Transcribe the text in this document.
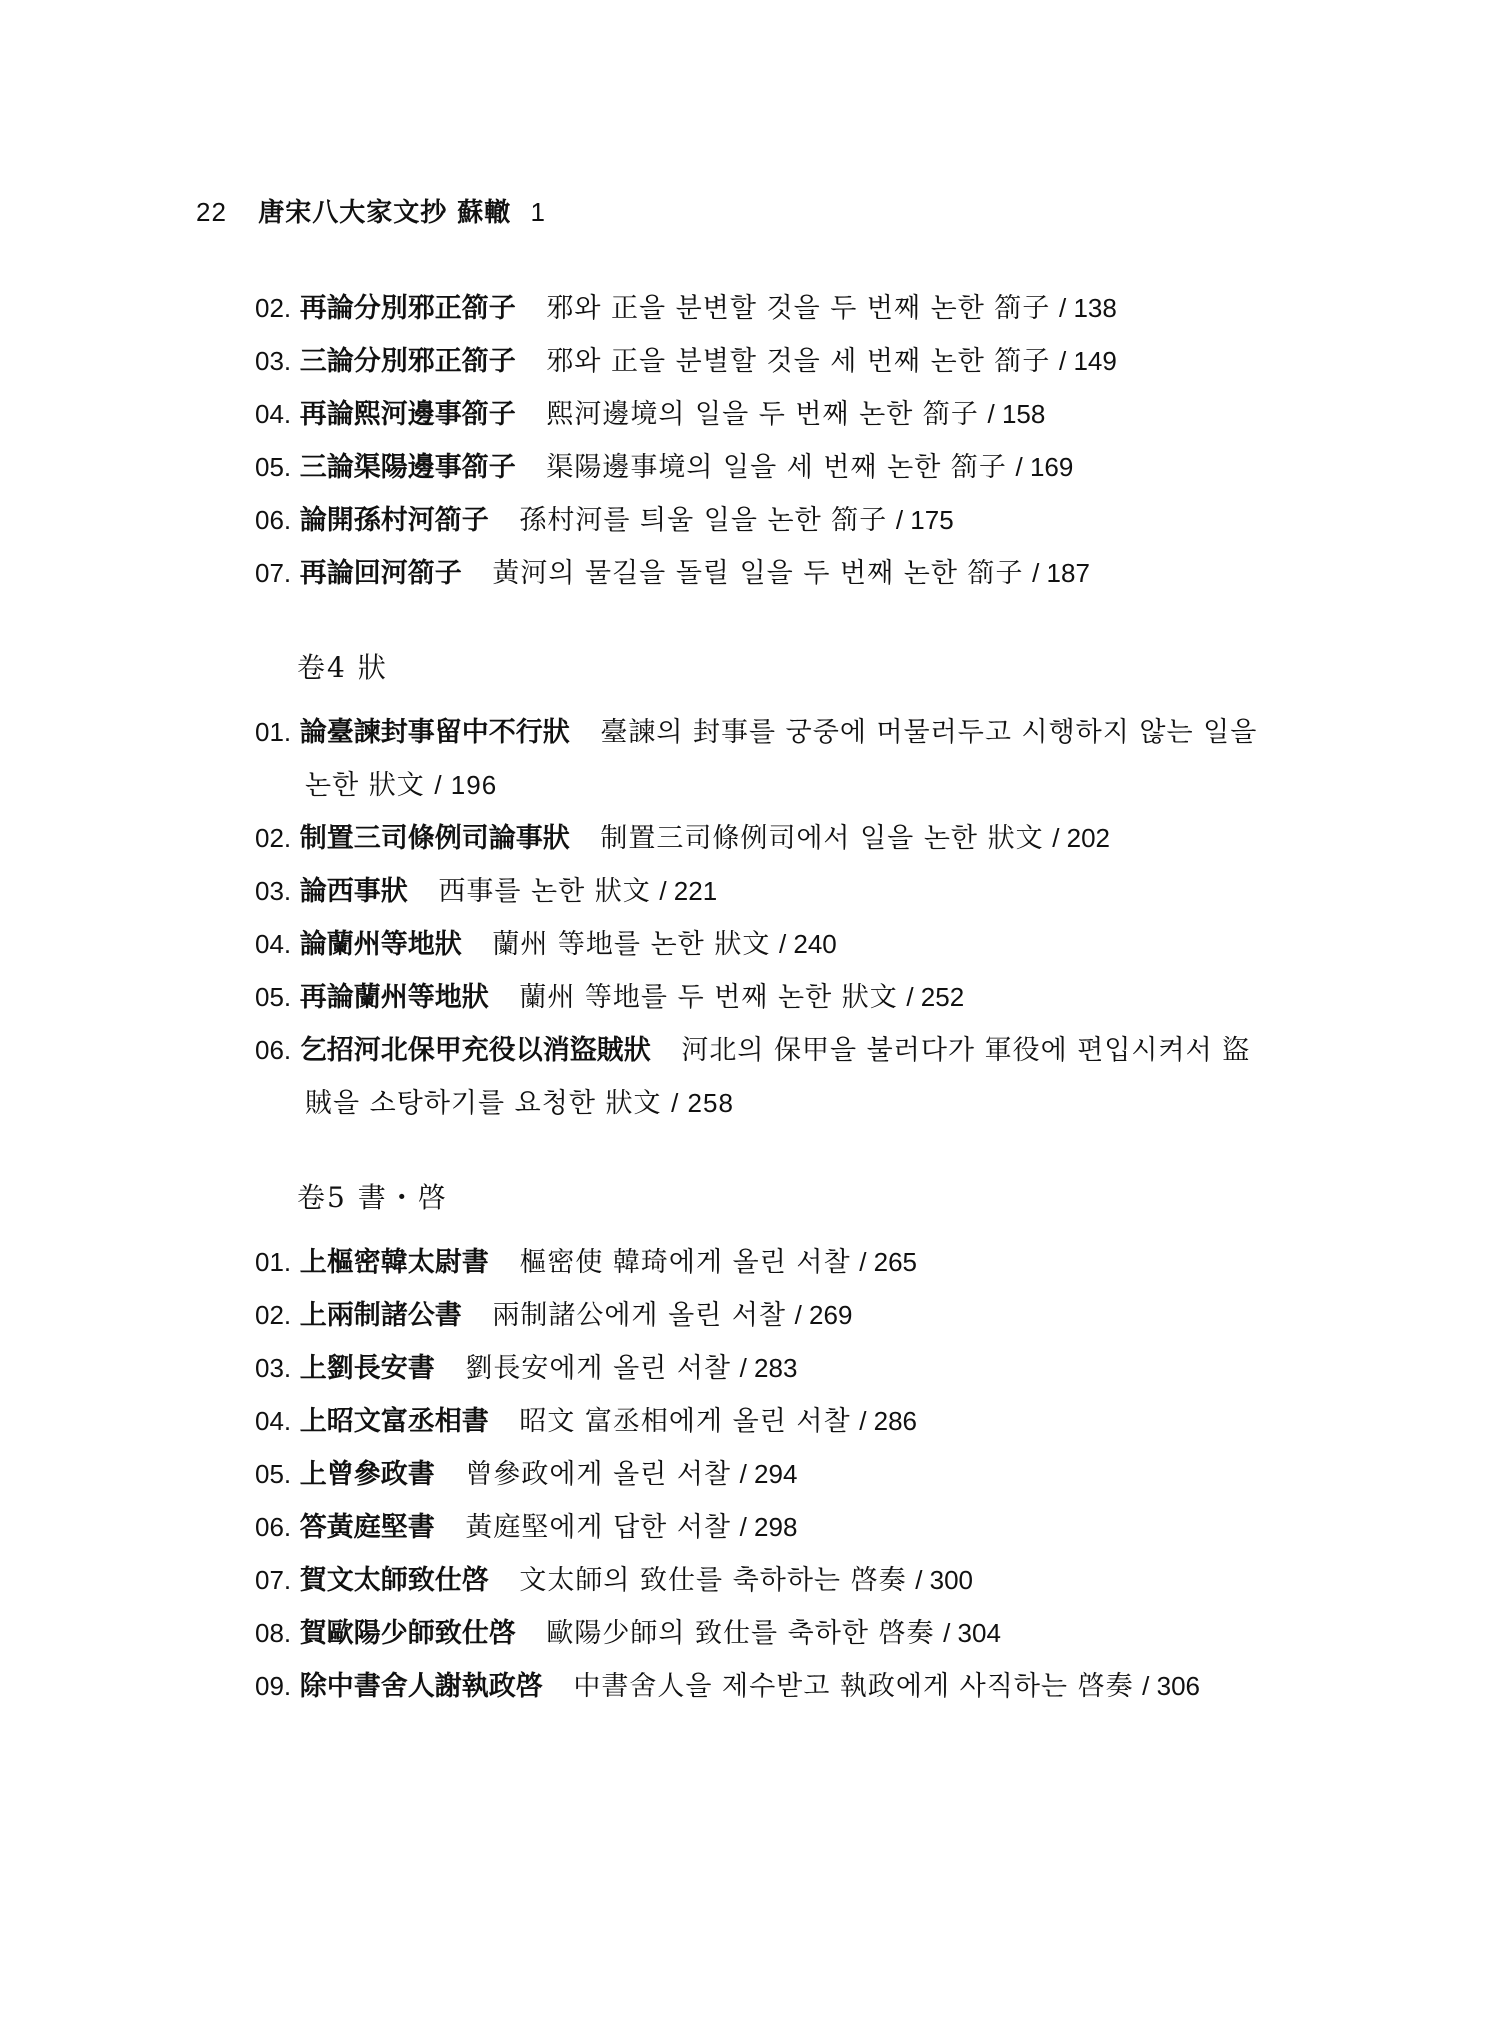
22 唐宋八大家文抄 蘇轍 1
02. 再論分別邪正箚子 邪와 正을 분변할 것을 두 번째 논한 箚子 / 138
03. 三論分別邪正箚子 邪와 正을 분별할 것을 세 번째 논한 箚子 / 149
04. 再論熙河邊事箚子 熙河邊境의 일을 두 번째 논한 箚子 / 158
05. 三論渠陽邊事箚子 渠陽邊事境의 일을 세 번째 논한 箚子 / 169
06. 論開孫村河箚子 孫村河를 틔울 일을 논한 箚子 / 175
07. 再論回河箚子 黃河의 물길을 돌릴 일을 두 번째 논한 箚子 / 187
卷4 狀
01. 論臺諫封事留中不行狀 臺諫의 封事를 궁중에 머물러두고 시행하지 않는 일을
논한 狀文 / 196
02. 制置三司條例司論事狀 制置三司條例司에서 일을 논한 狀文 / 202
03. 論西事狀 西事를 논한 狀文 / 221
04. 論蘭州等地狀 蘭州 等地를 논한 狀文 / 240
05. 再論蘭州等地狀 蘭州 等地를 두 번째 논한 狀文 / 252
06. 乞招河北保甲充役以消盜賊狀 河北의 保甲을 불러다가 軍役에 편입시켜서 盜
賊을 소탕하기를 요청한 狀文 / 258
卷5 書・啓
01. 上樞密韓太尉書 樞密使 韓琦에게 올린 서찰 / 265
02. 上兩制諸公書 兩制諸公에게 올린 서찰 / 269
03. 上劉長安書 劉長安에게 올린 서찰 / 283
04. 上昭文富丞相書 昭文 富丞相에게 올린 서찰 / 286
05. 上曾參政書 曾參政에게 올린 서찰 / 294
06. 答黃庭堅書 黃庭堅에게 답한 서찰 / 298
07. 賀文太師致仕啓 文太師의 致仕를 축하하는 啓奏 / 300
08. 賀歐陽少師致仕啓 歐陽少師의 致仕를 축하한 啓奏 / 304
09. 除中書舍人謝執政啓 中書舍人을 제수받고 執政에게 사직하는 啓奏 / 306
